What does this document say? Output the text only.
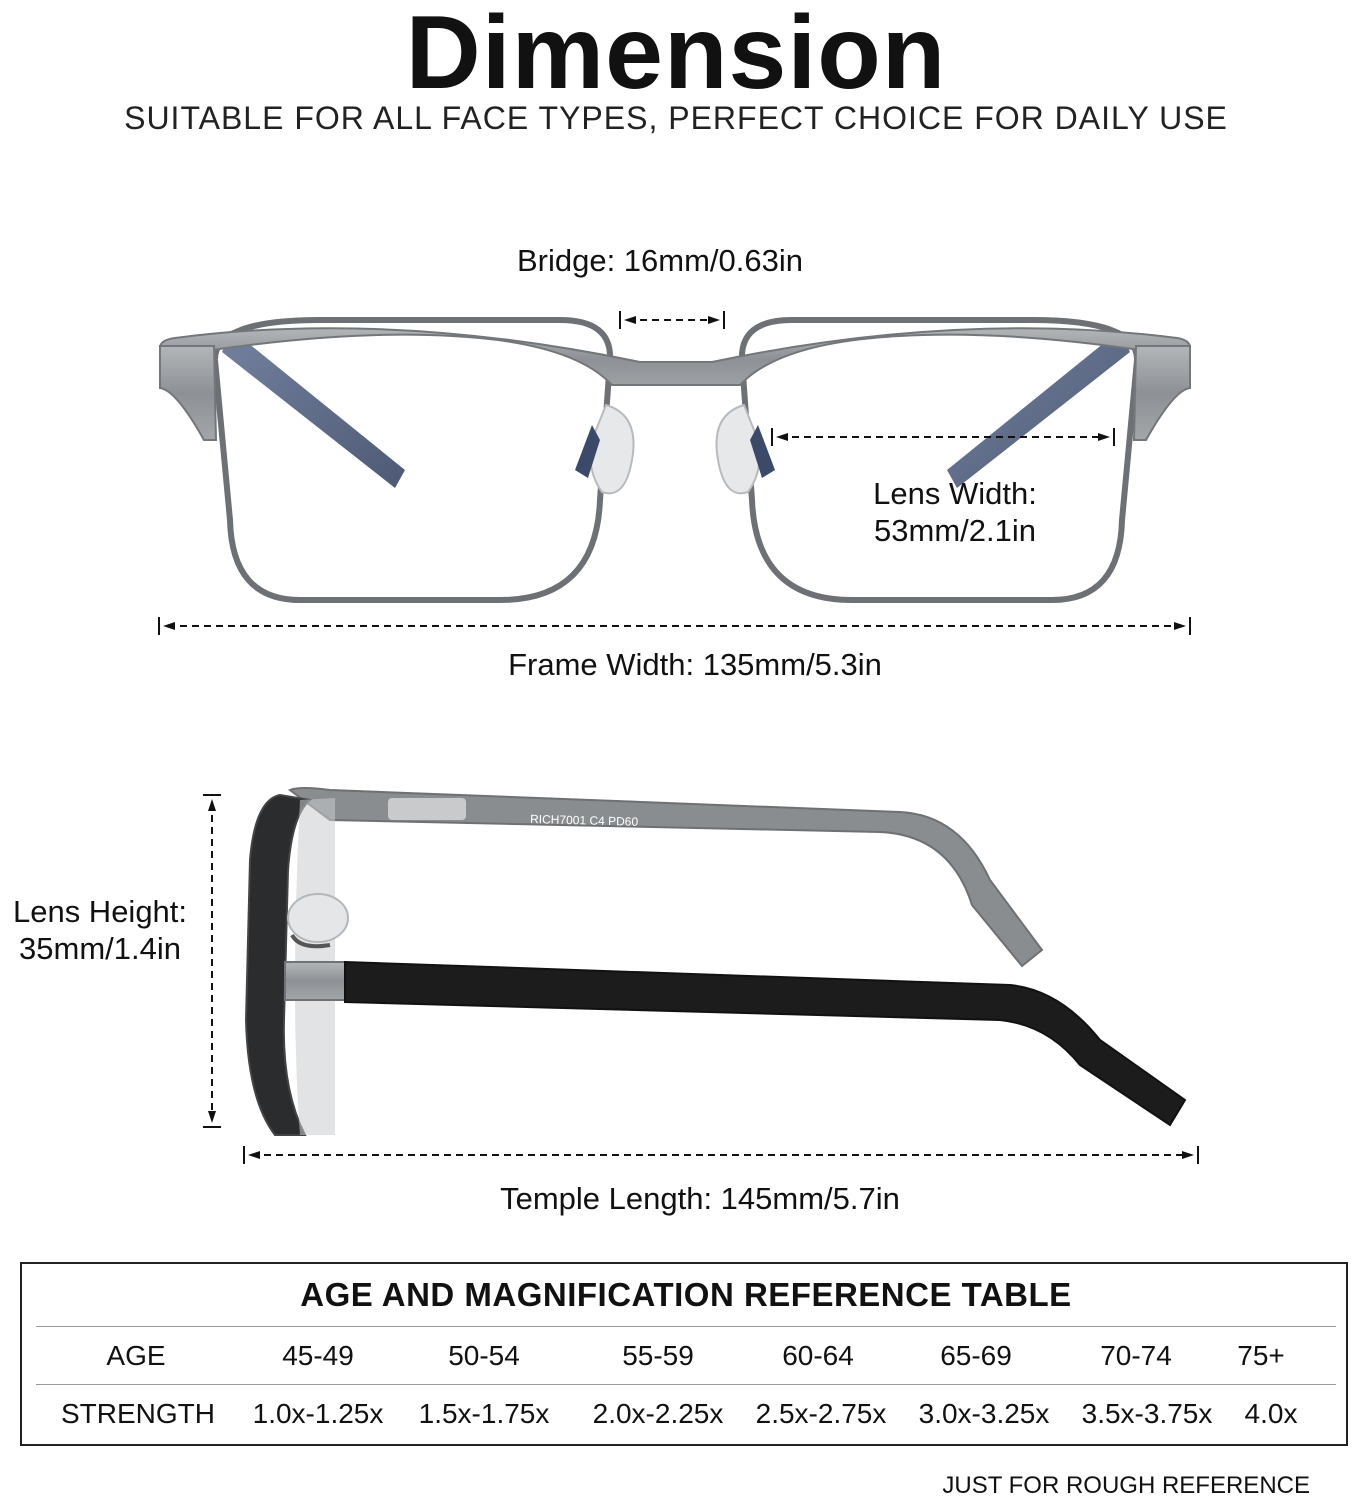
Dimension
SUITABLE FOR ALL FACE TYPES, PERFECT CHOICE FOR DAILY USE
RICH7001 C4 PD60
Bridge: 16mm/0.63in
Lens Width:
53mm/2.1in
Frame Width: 135mm/5.3in
Lens Height:
35mm/1.4in
Temple Length: 145mm/5.7in
AGE AND MAGNIFICATION REFERENCE TABLE
AGE	45-49	50-54	55-59	60-64	65-69	70-74	75+
STRENGTH	1.0x-1.25x	1.5x-1.75x	2.0x-2.25x	2.5x-2.75x	3.0x-3.25x	3.5x-3.75x	4.0x
JUST FOR ROUGH REFERENCE
